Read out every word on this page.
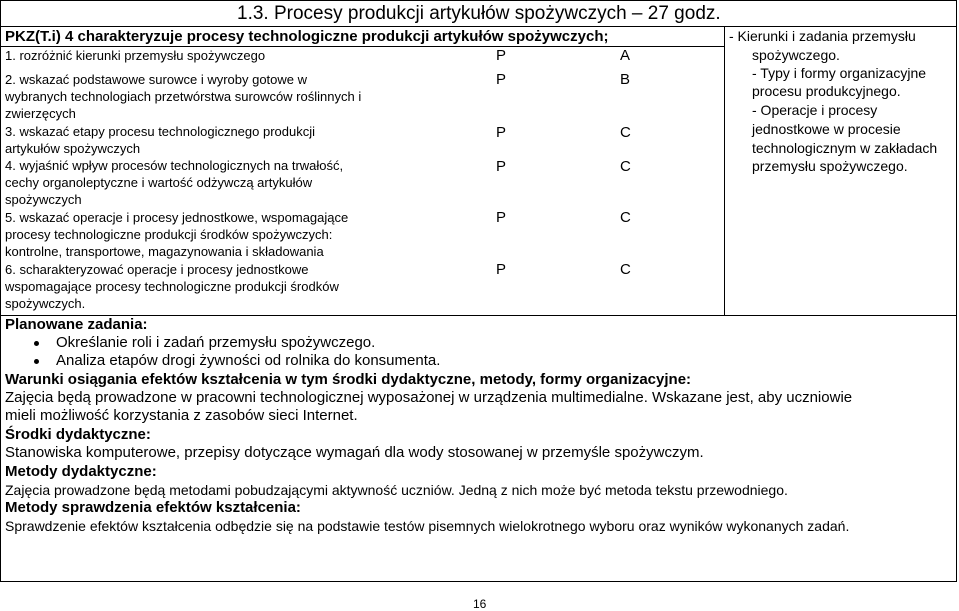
1.3. Procesy produkcji artykułów spożywczych – 27 godz.
PKZ(T.i) 4 charakteryzuje procesy technologiczne produkcji artykułów spożywczych;	- Kierunki i zadania przemysłu
spożywczego.
- Typy i formy organizacyjne
procesu produkcyjnego.
- Operacje i procesy
jednostkowe w procesie
technologicznym w zakładach
przemysłu spożywczego.
1. rozróżnić kierunki przemysłu spożywczego	P	A
2. wskazać podstawowe surowce i wyroby gotowe w
wybranych technologiach przetwórstwa surowców roślinnych i
zwierzęcych
P	B
3. wskazać etapy procesu technologicznego produkcji
artykułów spożywczych
P	C
4. wyjaśnić wpływ procesów technologicznych na trwałość,
cechy organoleptyczne i wartość odżywczą artykułów
spożywczych
P	C
5. wskazać operacje i procesy jednostkowe, wspomagające
procesy technologiczne produkcji środków spożywczych:
kontrolne, transportowe, magazynowania i składowania
P	C
6. scharakteryzować operacje i procesy jednostkowe
wspomagające procesy technologiczne produkcji środków
spożywczych.
P	C
Planowane zadania:
Określanie roli i zadań przemysłu spożywczego.
Analiza etapów drogi żywności od rolnika do konsumenta.
Warunki osiągania efektów kształcenia w tym środki dydaktyczne, metody, formy organizacyjne:
Zajęcia będą prowadzone w pracowni technologicznej wyposażonej w urządzenia multimedialne. Wskazane jest, aby uczniowie
mieli możliwość korzystania z zasobów sieci Internet.
Środki dydaktyczne:
Stanowiska komputerowe, przepisy dotyczące wymagań dla wody stosowanej w przemyśle spożywczym.
Metody dydaktyczne:
Zajęcia prowadzone będą metodami pobudzającymi aktywność uczniów. Jedną z nich może być metoda tekstu przewodniego.
Metody sprawdzenia efektów kształcenia:
Sprawdzenie efektów kształcenia odbędzie się na podstawie testów pisemnych wielokrotnego wyboru oraz wyników wykonanych zadań.
16
